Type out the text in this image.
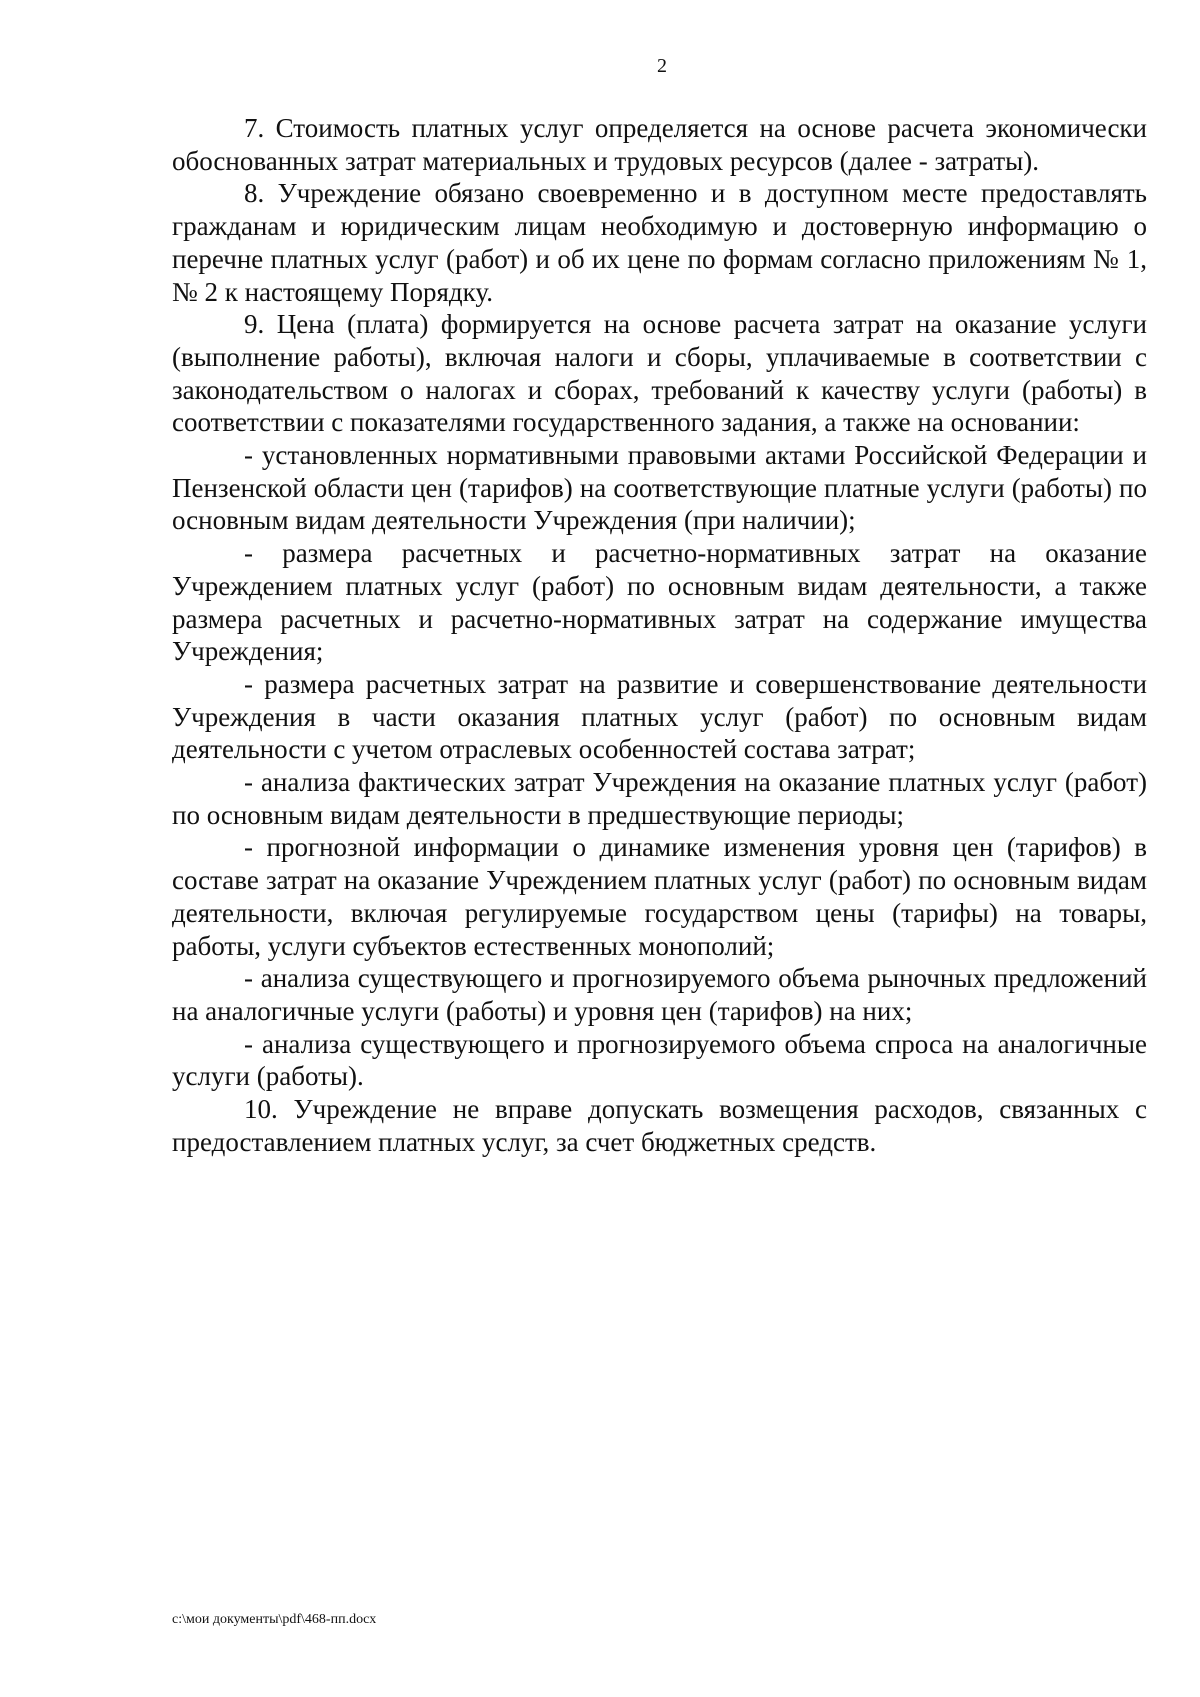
2

7. Стоимость платных услуг определяется на основе расчета экономически обоснованных затрат материальных и трудовых ресурсов (далее - затраты).

8. Учреждение обязано своевременно и в доступном месте предоставлять гражданам и юридическим лицам необходимую и достоверную информацию о перечне платных услуг (работ) и об их цене по формам согласно приложениям № 1, № 2 к настоящему Порядку.

9. Цена (плата) формируется на основе расчета затрат на оказание услуги (выполнение работы), включая налоги и сборы, уплачиваемые в соответствии с законодательством о налогах и сборах, требований к качеству услуги (работы) в соответствии с показателями государственного задания, а также на основании:

- установленных нормативными правовыми актами Российской Федерации и Пензенской области цен (тарифов) на соответствующие платные услуги (работы) по основным видам деятельности Учреждения (при наличии);

- размера расчетных и расчетно-нормативных затрат на оказание Учреждением платных услуг (работ) по основным видам деятельности, а также размера расчетных и расчетно-нормативных затрат на содержание имущества Учреждения;

- размера расчетных затрат на развитие и совершенствование деятельности Учреждения в части оказания платных услуг (работ) по основным видам деятельности с учетом отраслевых особенностей состава затрат;

- анализа фактических затрат Учреждения на оказание платных услуг (работ) по основным видам деятельности в предшествующие периоды;

- прогнозной информации о динамике изменения уровня цен (тарифов) в составе затрат на оказание Учреждением платных услуг (работ) по основным видам деятельности, включая регулируемые государством цены (тарифы) на товары, работы, услуги субъектов естественных монополий;

- анализа существующего и прогнозируемого объема рыночных предложений на аналогичные услуги (работы) и уровня цен (тарифов) на них;

- анализа существующего и прогнозируемого объема спроса на аналогичные услуги (работы).

10. Учреждение не вправе допускать возмещения расходов, связанных с предоставлением платных услуг, за счет бюджетных средств.

c:\мои документы\pdf\468-пп.docx
